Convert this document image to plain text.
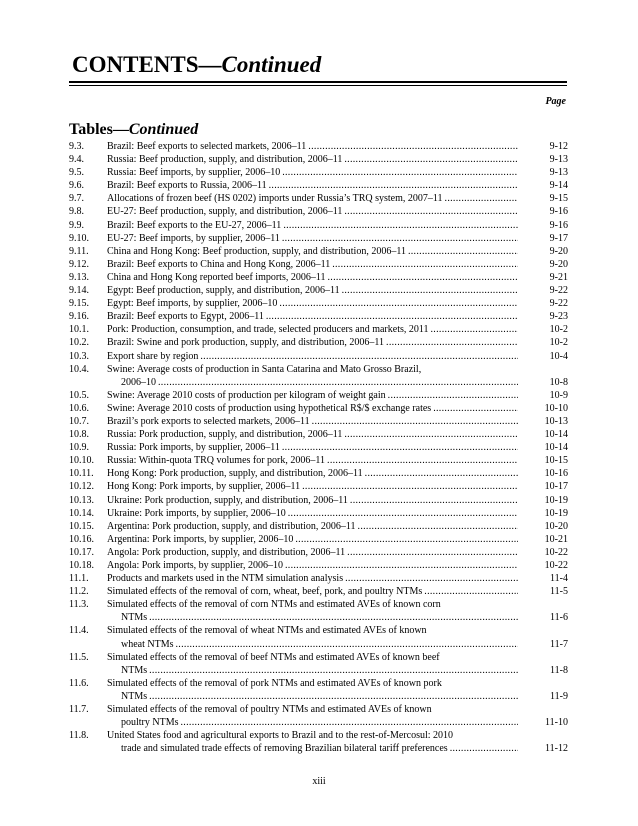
CONTENTS—Continued
Page
Tables—Continued
9.3.	Brazil: Beef exports to selected markets, 2006–11 .....	9-12
9.4.	Russia: Beef production, supply, and distribution, 2006–11 .....	9-13
9.5.	Russia: Beef imports, by supplier, 2006–10 .....	9-13
9.6.	Brazil: Beef exports to Russia, 2006–11 .....	9-14
9.7.	Allocations of frozen beef (HS 0202) imports under Russia’s TRQ system, 2007–11 .....	9-15
9.8.	EU-27: Beef production, supply, and distribution, 2006–11 .....	9-16
9.9.	Brazil: Beef exports to the EU-27, 2006–11 .....	9-16
9.10.	EU-27: Beef imports, by supplier, 2006–11 .....	9-17
9.11.	China and Hong Kong: Beef production, supply, and distribution, 2006–11 .....	9-20
9.12.	Brazil: Beef exports to China and Hong Kong, 2006–11 .....	9-20
9.13.	China and Hong Kong reported beef imports, 2006–11 .....	9-21
9.14.	Egypt: Beef production, supply, and distribution, 2006–11 .....	9-22
9.15.	Egypt: Beef imports, by supplier, 2006–10 .....	9-22
9.16.	Brazil: Beef exports to Egypt, 2006–11 .....	9-23
10.1.	Pork: Production, consumption, and trade, selected producers and markets, 2011 .....	10-2
10.2.	Brazil: Swine and pork production, supply, and distribution, 2006–11 .....	10-2
10.3.	Export share by region .....	10-4
10.4.	Swine: Average costs of production in Santa Catarina and Mato Grosso Brazil,
2006–10 .....	10-8
10.5.	Swine: Average 2010 costs of production per kilogram of weight gain .....	10-9
10.6.	Swine: Average 2010 costs of production using hypothetical R$/$ exchange rates .....	10-10
10.7.	Brazil’s pork exports to selected markets, 2006–11 .....	10-13
10.8.	Russia: Pork production, supply, and distribution, 2006–11 .....	10-14
10.9.	Russia: Pork imports, by supplier, 2006–11 .....	10-14
10.10.	Russia: Within-quota TRQ volumes for pork, 2006–11 .....	10-15
10.11.	Hong Kong: Pork production, supply, and distribution, 2006–11 .....	10-16
10.12.	Hong Kong: Pork imports, by supplier, 2006–11 .....	10-17
10.13.	Ukraine: Pork production, supply, and distribution, 2006–11 .....	10-19
10.14.	Ukraine: Pork imports, by supplier, 2006–10 .....	10-19
10.15.	Argentina: Pork production, supply, and distribution, 2006–11 .....	10-20
10.16.	Argentina: Pork imports, by supplier, 2006–10 .....	10-21
10.17.	Angola: Pork production, supply, and distribution, 2006–11 .....	10-22
10.18.	Angola: Pork imports, by supplier, 2006–10 .....	10-22
11.1.	Products and markets used in the NTM simulation analysis .....	11-4
11.2.	Simulated effects of the removal of corn, wheat, beef, pork, and poultry NTMs .....	11-5
11.3.	Simulated effects of the removal of corn NTMs and estimated AVEs of known corn
NTMs .....	11-6
11.4.	Simulated effects of the removal of wheat NTMs and estimated AVEs of known
wheat NTMs .....	11-7
11.5.	Simulated effects of the removal of beef NTMs and estimated AVEs of known beef
NTMs .....	11-8
11.6.	Simulated effects of the removal of pork NTMs and estimated AVEs of known pork
NTMs .....	11-9
11.7.	Simulated effects of the removal of poultry NTMs and estimated AVEs of known
poultry NTMs .....	11-10
11.8.	United States food and agricultural exports to Brazil and to the rest-of-Mercosul: 2010
trade and simulated trade effects of removing Brazilian bilateral tariff preferences .....	11-12
xiii
